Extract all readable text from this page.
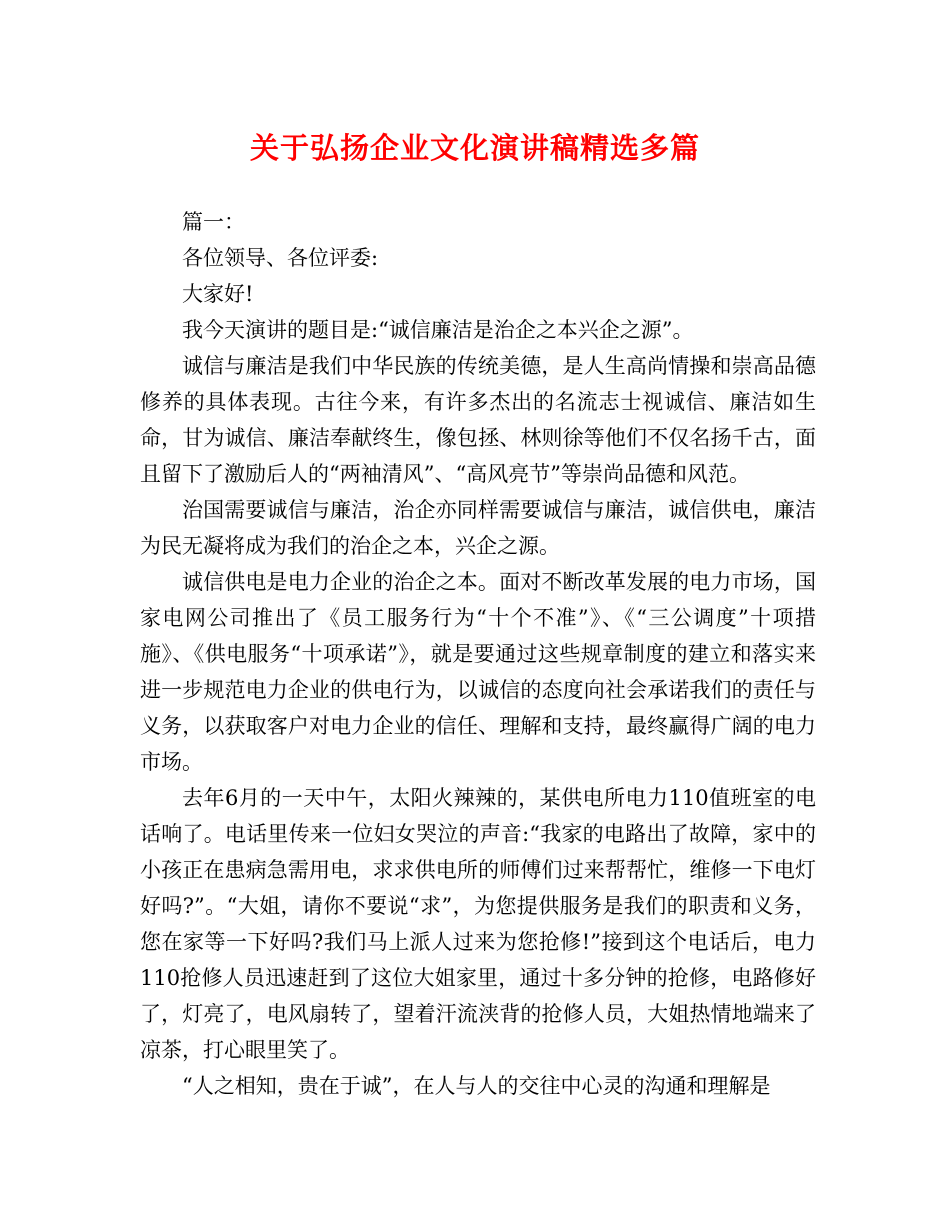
关于弘扬企业文化演讲稿精选多篇

篇一：

各位领导、各位评委:

大家好!

我今天演讲的题目是:“诚信廉洁是治企之本兴企之源”。

诚信与廉洁是我们中华民族的传统美德，是人生高尚情操和崇高品德修养的具体表现。古往今来，有许多杰出的名流志士视诚信、廉洁如生命，甘为诚信、廉洁奉献终生，像包拯、林则徐等他们不仅名扬千古，面且留下了激励后人的“两袖清风”、“高风亮节”等崇尚品德和风范。

治国需要诚信与廉洁，治企亦同样需要诚信与廉洁，诚信供电，廉洁为民无凝将成为我们的治企之本，兴企之源。

诚信供电是电力企业的治企之本。面对不断改革发展的电力市场，国家电网公司推出了《员工服务行为“十个不准”》、《“三公调度”十项措施》、《供电服务“十项承诺”》，就是要通过这些规章制度的建立和落实来进一步规范电力企业的供电行为，以诚信的态度向社会承诺我们的责任与义务，以获取客户对电力企业的信任、理解和支持，最终赢得广阔的电力市场。

去年6月的一天中午，太阳火辣辣的，某供电所电力110值班室的电话响了。电话里传来一位妇女哭泣的声音:“我家的电路出了故障，家中的小孩正在患病急需用电，求求供电所的师傅们过来帮帮忙，维修一下电灯好吗?”。“大姐，请你不要说“求”，为您提供服务是我们的职责和义务，您在家等一下好吗?我们马上派人过来为您抢修!”接到这个电话后，电力110抢修人员迅速赶到了这位大姐家里，通过十多分钟的抢修，电路修好了，灯亮了，电风扇转了，望着汗流浃背的抢修人员，大姐热情地端来了凉茶，打心眼里笑了。

“人之相知，贵在于诚”，在人与人的交往中心灵的沟通和理解是
